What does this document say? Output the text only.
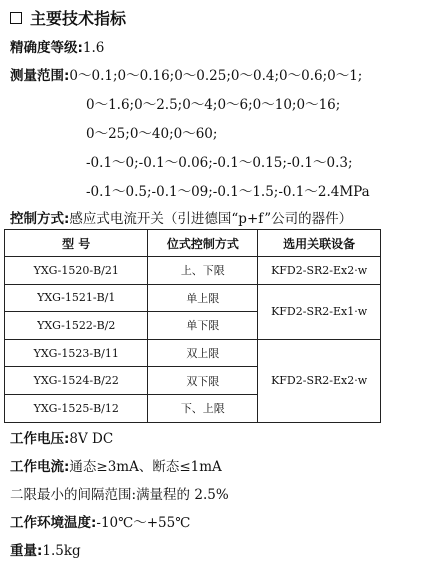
主要技术指标
精确度等级:1.6
测量范围:0～0.1;0～0.16;0～0.25;0～0.4;0～0.6;0～1;
0～1.6;0～2.5;0～4;0～6;0～10;0～16;
0～25;0～40;0～60;
-0.1～0;-0.1～0.06;-0.1～0.15;-0.1～0.3;
-0.1～0.5;-0.1～09;-0.1～1.5;-0.1～2.4MPa
控制方式:感应式电流开关（引进德国“p+f”公司的器件）
型 号	位式控制方式	选用关联设备
YXG-1520-B/21	上、下限	KFD2-SR2-Ex2·w
YXG-1521-B/1	单上限	KFD2-SR2-Ex1·w
YXG-1522-B/2	单下限	
YXG-1523-B/11	双上限	KFD2-SR2-Ex2·w
YXG-1524-B/22	双下限	
YXG-1525-B/12	下、上限	
工作电压:8V DC
工作电流:通态≥3mA、断态≤1mA
二限最小的间隔范围:满量程的 2.5%
工作环境温度:-10℃～+55℃
重量:1.5kg
